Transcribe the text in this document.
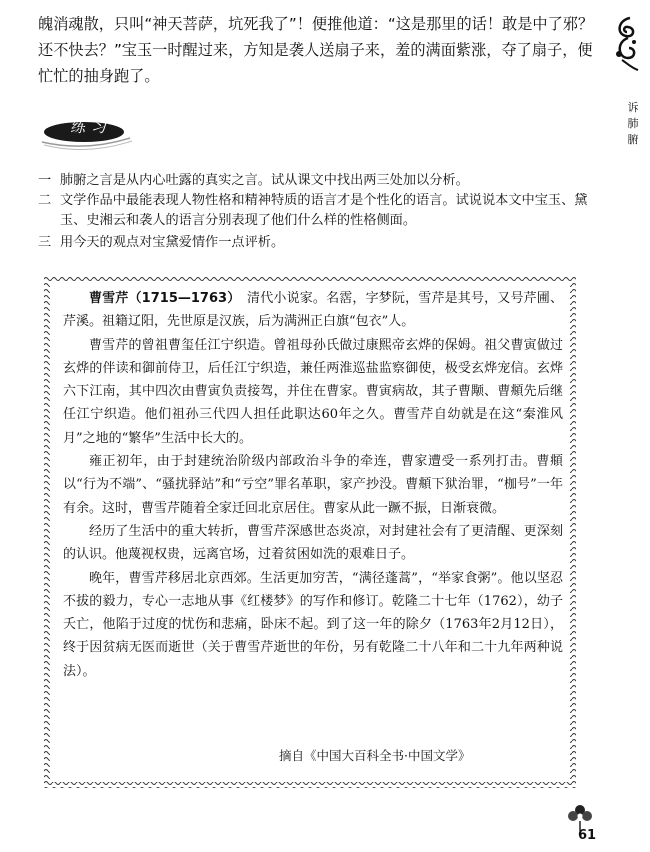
魄消魂散，只叫“神天菩萨，坑死我了”！便推他道：“这是那里的话！敢是中了邪？还不快去？”宝玉一时醒过来，方知是袭人送扇子来，羞的满面紫涨，夺了扇子，便忙忙的抽身跑了。

诉肺腑
练习
一 肺腑之言是从内心吐露的真实之言。试从课文中找出两三处加以分析。
二 文学作品中最能表现人物性格和精神特质的语言才是个性化的语言。试说说本文中宝玉、黛玉、史湘云和袭人的语言分别表现了他们什么样的性格侧面。
三 用今天的观点对宝黛爱情作一点评析。

曹雪芹（1715—1763）　清代小说家。名霑，字梦阮，雪芹是其号，又号芹圃、芹溪。祖籍辽阳，先世原是汉族，后为满洲正白旗“包衣”人。

曹雪芹的曾祖曹玺任江宁织造。曾祖母孙氏做过康熙帝玄烨的保姆。祖父曹寅做过玄烨的伴读和御前侍卫，后任江宁织造，兼任两淮巡盐监察御使，极受玄烨宠信。玄烨六下江南，其中四次由曹寅负责接驾，并住在曹家。曹寅病故，其子曹颙、曹頫先后继任江宁织造。他们祖孙三代四人担任此职达60年之久。曹雪芹自幼就是在这“秦淮风月”之地的“繁华”生活中长大的。

雍正初年，由于封建统治阶级内部政治斗争的牵连，曹家遭受一系列打击。曹頫以“行为不端”、“骚扰驿站”和“亏空”罪名革职，家产抄没。曹頫下狱治罪，“枷号”一年有余。这时，曹雪芹随着全家迁回北京居住。曹家从此一蹶不振，日渐衰微。

经历了生活中的重大转折，曹雪芹深感世态炎凉，对封建社会有了更清醒、更深刻的认识。他蔑视权贵，远离官场，过着贫困如洗的艰难日子。

晚年，曹雪芹移居北京西郊。生活更加穷苦，“满径蓬蒿”，“举家食粥”。他以坚忍不拔的毅力，专心一志地从事《红楼梦》的写作和修订。乾隆二十七年（1762），幼子夭亡，他陷于过度的忧伤和悲痛，卧床不起。到了这一年的除夕（1763年2月12日），终于因贫病无医而逝世（关于曹雪芹逝世的年份，另有乾隆二十八年和二十九年两种说法）。

摘自《中国大百科全书·中国文学》
61
